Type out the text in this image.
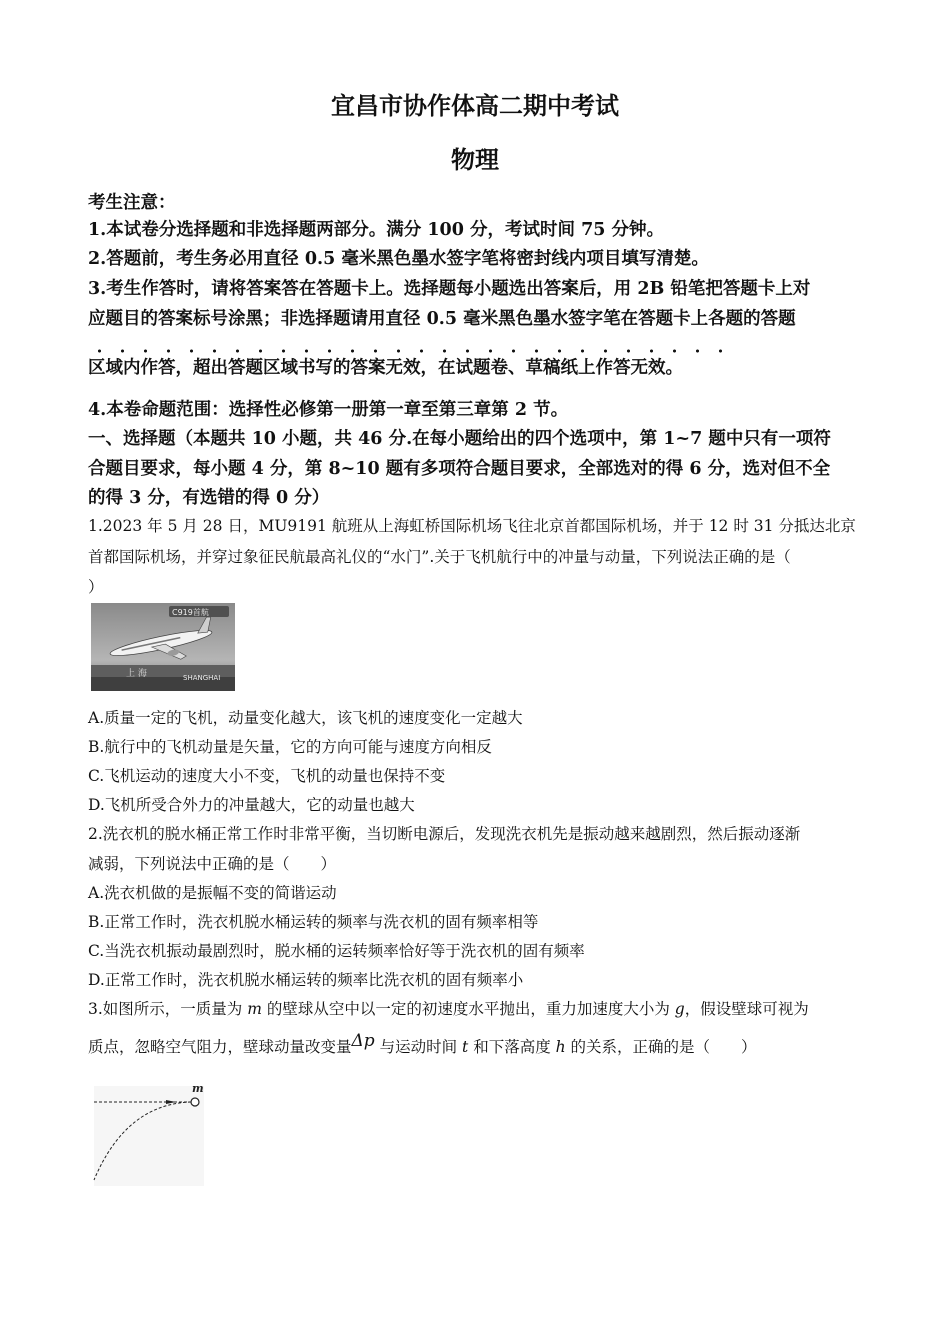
宜昌市协作体高二期中考试
物理
考生注意：
1.本试卷分选择题和非选择题两部分。满分 100 分，考试时间 75 分钟。
2.答题前，考生务必用直径 0.5 毫米黑色墨水签字笔将密封线内项目填写清楚。
3.考生作答时，请将答案答在答题卡上。选择题每小题选出答案后，用 2B 铅笔把答题卡上对
应题目的答案标号涂黑；非选择题请用直径 0.5 毫米黑色墨水签字笔在答题卡上各题的答题
区域内作答，超出答题区域书写的答案无效，在试题卷、草稿纸上作答无效。
4.本卷命题范围：选择性必修第一册第一章至第三章第 2 节。
一、选择题（本题共 10 小题，共 46 分.在每小题给出的四个选项中，第 1~7 题中只有一项符
合题目要求，每小题 4 分，第 8~10 题有多项符合题目要求，全部选对的得 6 分，选对但不全
的得 3 分，有选错的得 0 分）
1.2023 年 5 月 28 日，MU9191 航班从上海虹桥国际机场飞往北京首都国际机场，并于 12 时 31 分抵达北京
首都国际机场，并穿过象征民航最高礼仪的“水门”.关于飞机航行中的冲量与动量，下列说法正确的是（
）
C919首航
上 海	SHANGHAI
A.质量一定的飞机，动量变化越大，该飞机的速度变化一定越大
B.航行中的飞机动量是矢量，它的方向可能与速度方向相反
C.飞机运动的速度大小不变，飞机的动量也保持不变
D.飞机所受合外力的冲量越大，它的动量也越大
2.洗衣机的脱水桶正常工作时非常平衡，当切断电源后，发现洗衣机先是振动越来越剧烈，然后振动逐渐
减弱，下列说法中正确的是（　　）
A.洗衣机做的是振幅不变的简谐运动
B.正常工作时，洗衣机脱水桶运转的频率与洗衣机的固有频率相等
C.当洗衣机振动最剧烈时，脱水桶的运转频率恰好等于洗衣机的固有频率
D.正常工作时，洗衣机脱水桶运转的频率比洗衣机的固有频率小
3.如图所示，一质量为 m 的壁球从空中以一定的初速度水平抛出，重力加速度大小为 g，假设壁球可视为
质点，忽略空气阻力，壁球动量改变量Δp 与运动时间 t 和下落高度 h 的关系，正确的是（　　）
m
